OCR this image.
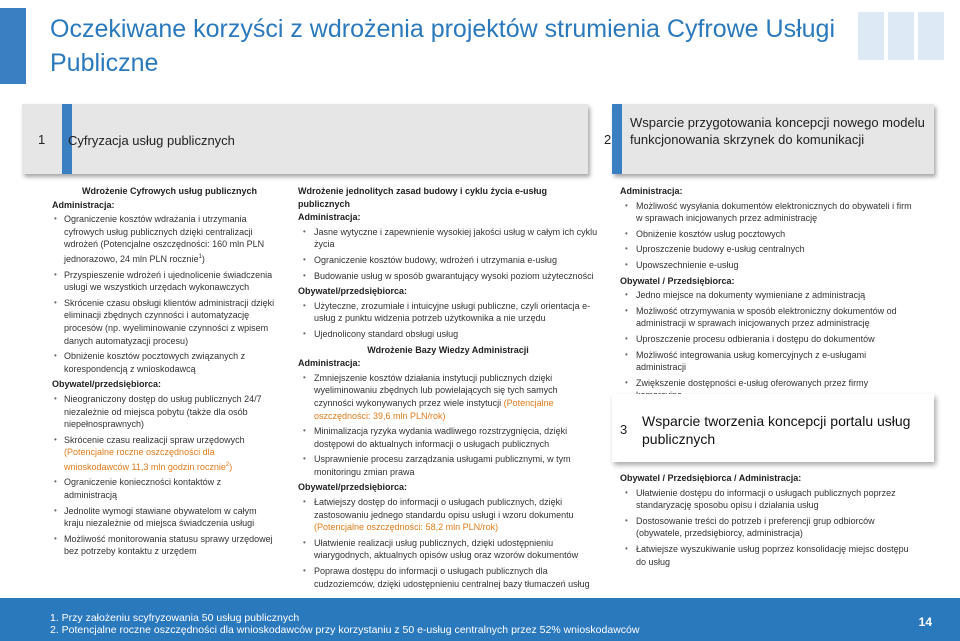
Oczekiwane korzyści z wdrożenia projektów strumienia Cyfrowe Usługi Publiczne
1 Cyfryzacja usług publicznych	2
Wsparcie przygotowania koncepcji nowego modelu funkcjonowania skrzynek do komunikacji
Wdrożenie Cyfrowych usług publicznych
Administracja:
• Ograniczenie kosztów wdrażania i utrzymania cyfrowych usług publicznych dzięki centralizacji wdrożeń (Potencjalne oszczędności: 160 mln PLN jednorazowo, 24 mln PLN rocznie$^1$)
• Przyspieszenie wdrożeń i ujednolicenie świadczenia usługi we wszystkich urzędach wykonawczych
• Skrócenie czasu obsługi klientów administracji dzięki eliminacji zbędnych czynności i automatyzację procesów (np. wyeliminowanie czynności z wpisem danych automatyzacji procesu)
• Obniżenie kosztów pocztowych związanych z korespondencją z wnioskodawcą
Obywatel/przedsiębiorca:
• Nieograniczony dostęp do usług publicznych 24/7 niezależnie od miejsca pobytu (także dla osób niepełnosprawnych)
• Skrócenie czasu realizacji spraw urzędowych (Potencjalne roczne oszczędności dla wnioskodawców 11,3 mln godzin rocznie$^2$)
• Ograniczenie konieczności kontaktów z administracją
• Jednolite wymogi stawiane obywatelom w całym kraju niezależnie od miejsca świadczenia usługi
• Możliwość monitorowania statusu sprawy urzędowej bez potrzeby kontaktu z urzędem
Wdrożenie jednolitych zasad budowy i cyklu życia e-usług publicznych
Administracja:
• Jasne wytyczne i zapewnienie wysokiej jakości usług w całym ich cyklu życia
• Ograniczenie kosztów budowy, wdrożeń i utrzymania e-usług
• Budowanie usług w sposób gwarantujący wysoki poziom użyteczności
Obywatel/przedsiębiorca:
• Użyteczne, zrozumiałe i intuicyjne usługi publiczne, czyli orientacja e-usług z punktu widzenia potrzeb użytkownika a nie urzędu
• Ujednolicony standard obsługi usług
Wdrożenie Bazy Wiedzy Administracji
Administracja:
• Zmniejszenie kosztów działania instytucji publicznych dzięki wyeliminowaniu zbędnych lub powielających się tych samych czynności wykonywanych przez wiele instytucji (Potencjalne oszczędności: 39,6 mln PLN/rok)
• Minimalizacja ryzyka wydania wadliwego rozstrzygnięcia, dzięki dostępowi do aktualnych informacji o usługach publicznych
• Usprawnienie procesu zarządzania usługami publicznymi, w tym monitoringu zmian prawa
Obywatel/przedsiębiorca:
• Łatwiejszy dostęp do informacji o usługach publicznych, dzięki zastosowaniu jednego standardu opisu usługi i wzoru dokumentu (Potencjalne oszczędności: 58,2 mln PLN/rok)
• Ułatwienie realizacji usług publicznych, dzięki udostępnieniu wiarygodnych, aktualnych opisów usług oraz wzorów dokumentów
• Poprawa dostępu do informacji o usługach publicznych dla cudzoziemców, dzięki udostępnieniu centralnej bazy tłumaczeń usług
Administracja:
• Możliwość wysyłania dokumentów elektronicznych do obywateli i firm w sprawach inicjowanych przez administrację
• Obniżenie kosztów usług pocztowych
• Uproszczenie budowy e-usług centralnych
• Upowszechnienie e-usług
Obywatel / Przedsiębiorca:
• Jedno miejsce na dokumenty wymieniane z administracją
• Możliwość otrzymywania w sposób elektroniczny dokumentów od administracji w sprawach inicjowanych przez administrację
• Uproszczenie procesu odbierania i dostępu do dokumentów
• Możliwość integrowania usług komercyjnych z e-usługami administracji
• Zwiększenie dostępności e-usług oferowanych przez firmy
3
Wsparcie tworzenia koncepcji portalu usług publicznych
Obywatel / Przedsiębiorca / Administracja:
• Ułatwienie dostępu do informacji o usługach publicznych poprzez standaryzację sposobu opisu i działania usług
• Dostosowanie treści do potrzeb i preferencji grup odbiorców (obywatele, przedsiębiorcy, administracja)
• Łatwiejsze wyszukiwanie usług poprzez konsolidację miejsc dostępu do usług
1. Przy założeniu scyfryzowania 50 usług publicznych
2. Potencjalne roczne oszczędności dla wnioskodawców przy korzystaniu z 50 e-usług centralnych przez 52% wnioskodawców
14
